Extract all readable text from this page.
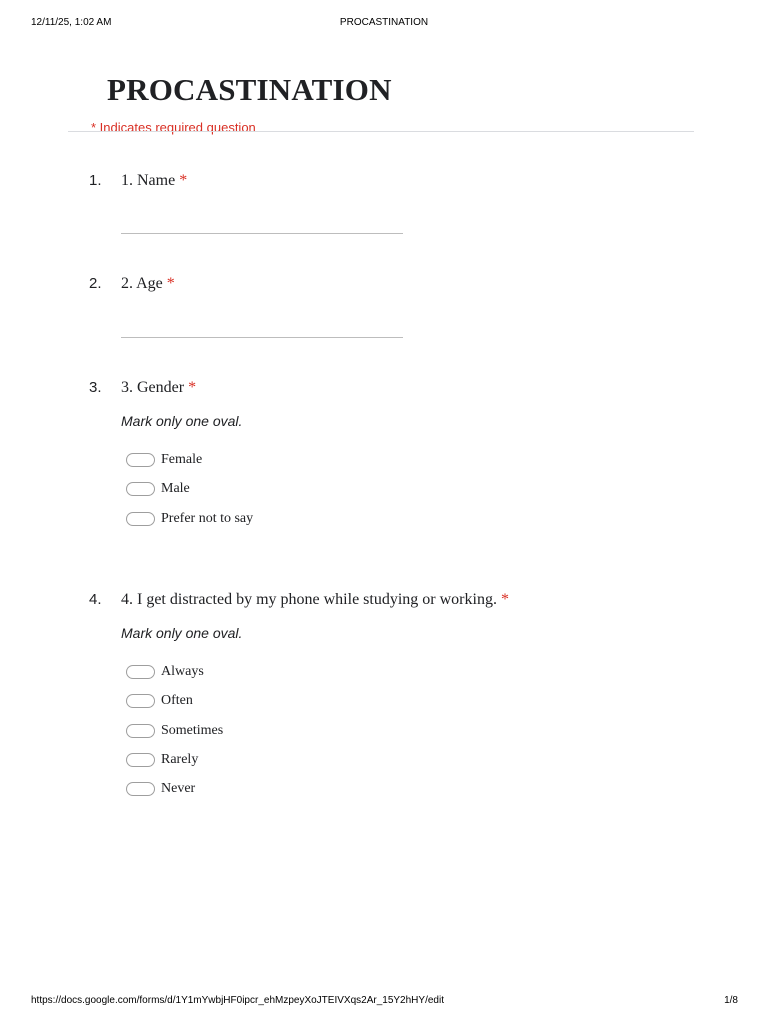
12/11/25, 1:02 AM	PROCASTINATION
PROCASTINATION
* Indicates required question
1. 1. Name *
2. 2. Age *
3. 3. Gender *
Mark only one oval.
Female
Male
Prefer not to say
4. 4. I get distracted by my phone while studying or working. *
Mark only one oval.
Always
Often
Sometimes
Rarely
Never
https://docs.google.com/forms/d/1Y1mYwbjHF0ipcr_ehMzpeyXoJTEIVXqs2Ar_15Y2hHY/edit	1/8
